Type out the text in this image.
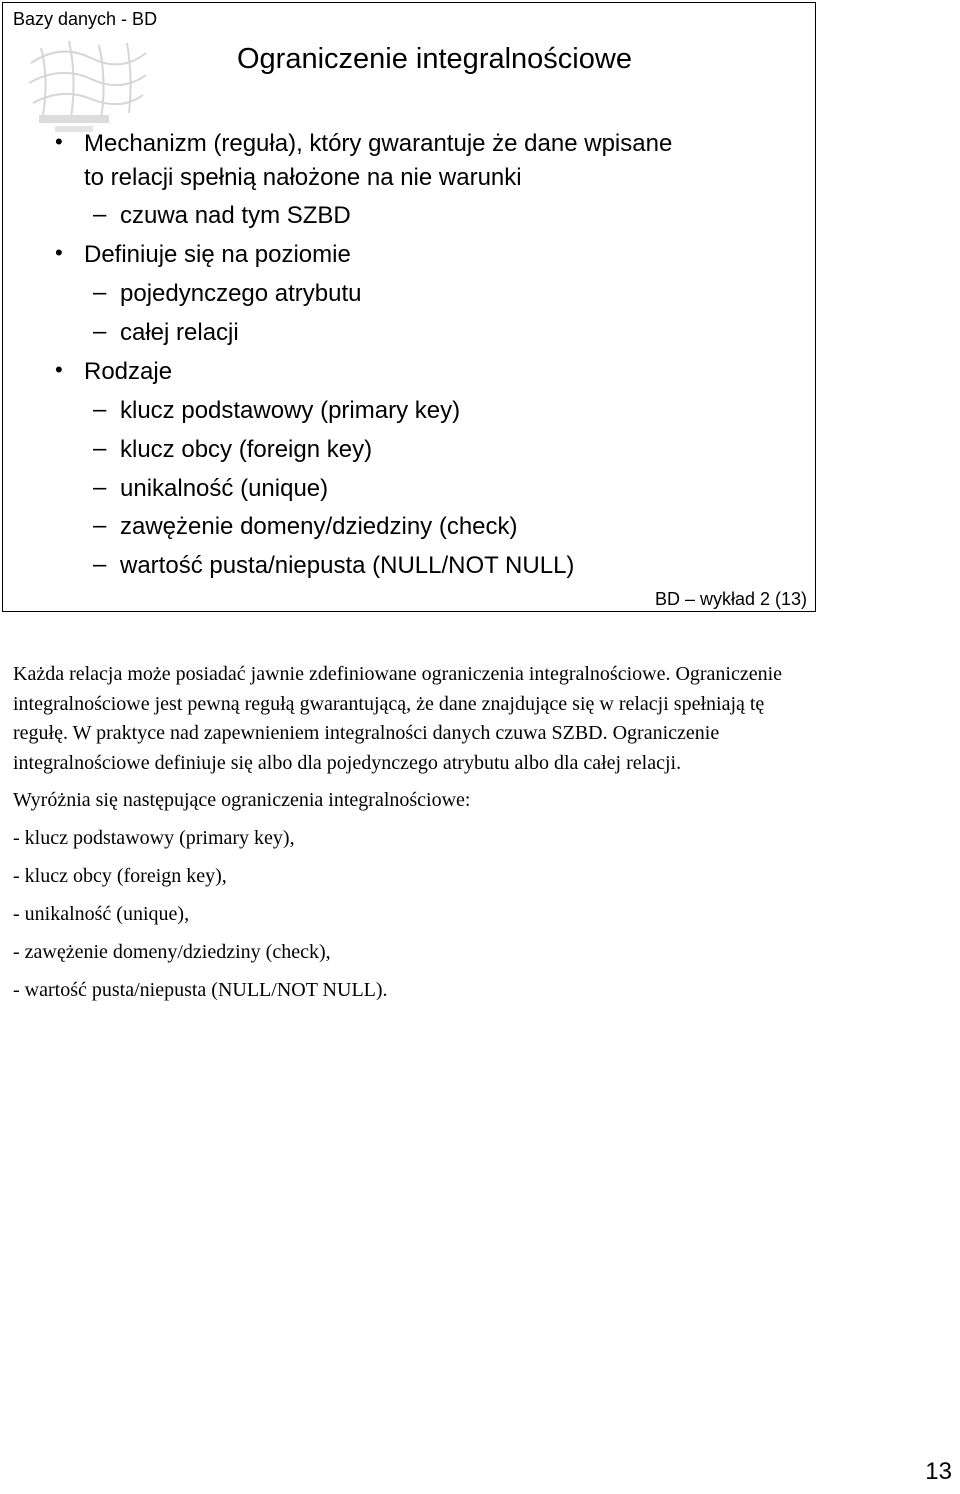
Bazy danych - BD
Ograniczenie integralnościowe
• Mechanizm (reguła), który gwarantuje że dane wpisane
to relacji spełnią nałożone na nie warunki
– czuwa nad tym SZBD
• Definiuje się na poziomie
– pojedynczego atrybutu
– całej relacji
• Rodzaje
– klucz podstawowy (primary key)
– klucz obcy (foreign key)
– unikalność (unique)
– zawężenie domeny/dziedziny (check)
– wartość pusta/niepusta (NULL/NOT NULL)
BD – wykład 2 (13)

Każda relacja może posiadać jawnie zdefiniowane ograniczenia integralnościowe. Ograniczenie integralnościowe jest pewną regułą gwarantującą, że dane znajdujące się w relacji spełniają tę regułę. W praktyce nad zapewnieniem integralności danych czuwa SZBD. Ograniczenie integralnościowe definiuje się albo dla pojedynczego atrybutu albo dla całej relacji.

Wyróżnia się następujące ograniczenia integralnościowe:

- klucz podstawowy (primary key),

- klucz obcy (foreign key),

- unikalność (unique),

- zawężenie domeny/dziedziny (check),

- wartość pusta/niepusta (NULL/NOT NULL).

13
